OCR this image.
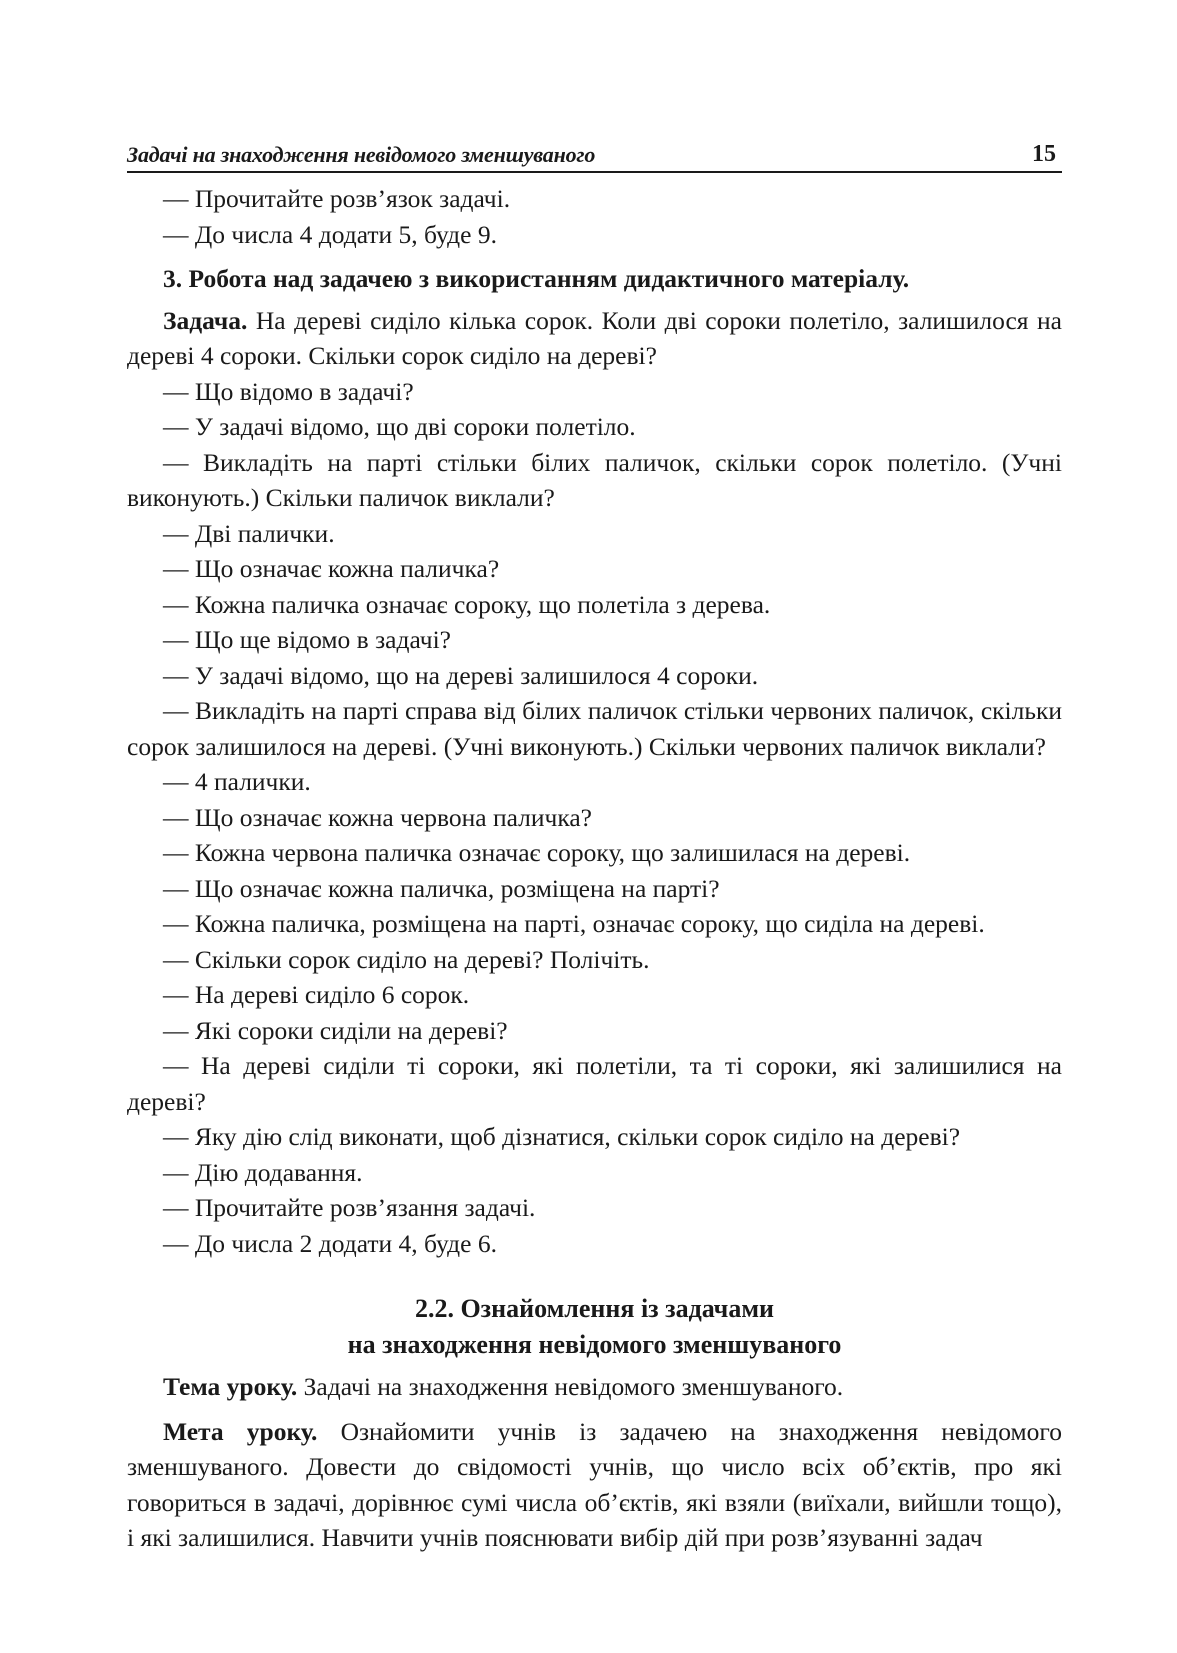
Задачі на знаходження невідомого зменшуваного	15

— Прочитайте розв’язок задачі.

— До числа 4 додати 5, буде 9.

3. Робота над задачею з використанням дидактичного матеріалу.

Задача. На дереві сиділо кілька сорок. Коли дві сороки полетіло, залишилося на дереві 4 сороки. Скільки сорок сиділо на дереві?

— Що відомо в задачі?

— У задачі відомо, що дві сороки полетіло.

— Викладіть на парті стільки білих паличок, скільки сорок полетіло. (Учні виконують.) Скільки паличок виклали?

— Дві палички.

— Що означає кожна паличка?

— Кожна паличка означає сороку, що полетіла з дерева.

— Що ще відомо в задачі?

— У задачі відомо, що на дереві залишилося 4 сороки.

— Викладіть на парті справа від білих паличок стільки червоних паличок, скільки сорок залишилося на дереві. (Учні виконують.) Скільки червоних паличок виклали?

— 4 палички.

— Що означає кожна червона паличка?

— Кожна червона паличка означає сороку, що залишилася на дереві.

— Що означає кожна паличка, розміщена на парті?

— Кожна паличка, розміщена на парті, означає сороку, що сиділа на дереві.

— Скільки сорок сиділо на дереві? Полічіть.

— На дереві сиділо 6 сорок.

— Які сороки сиділи на дереві?

— На дереві сиділи ті сороки, які полетіли, та ті сороки, які залишилися на дереві?

— Яку дію слід виконати, щоб дізнатися, скільки сорок сиділо на дереві?

— Дію додавання.

— Прочитайте розв’язання задачі.

— До числа 2 додати 4, буде 6.

2.2. Ознайомлення із задачами
на знаходження невідомого зменшуваного

Тема уроку. Задачі на знаходження невідомого зменшуваного.

Мета уроку. Ознайомити учнів із задачею на знаходження невідомого зменшуваного. Довести до свідомості учнів, що число всіх об’єктів, про які говориться в задачі, дорівнює сумі числа об’єктів, які взяли (виїхали, вийшли тощо), і які залишилися. Навчити учнів пояснювати вибір дій при розв’язуванні задач
